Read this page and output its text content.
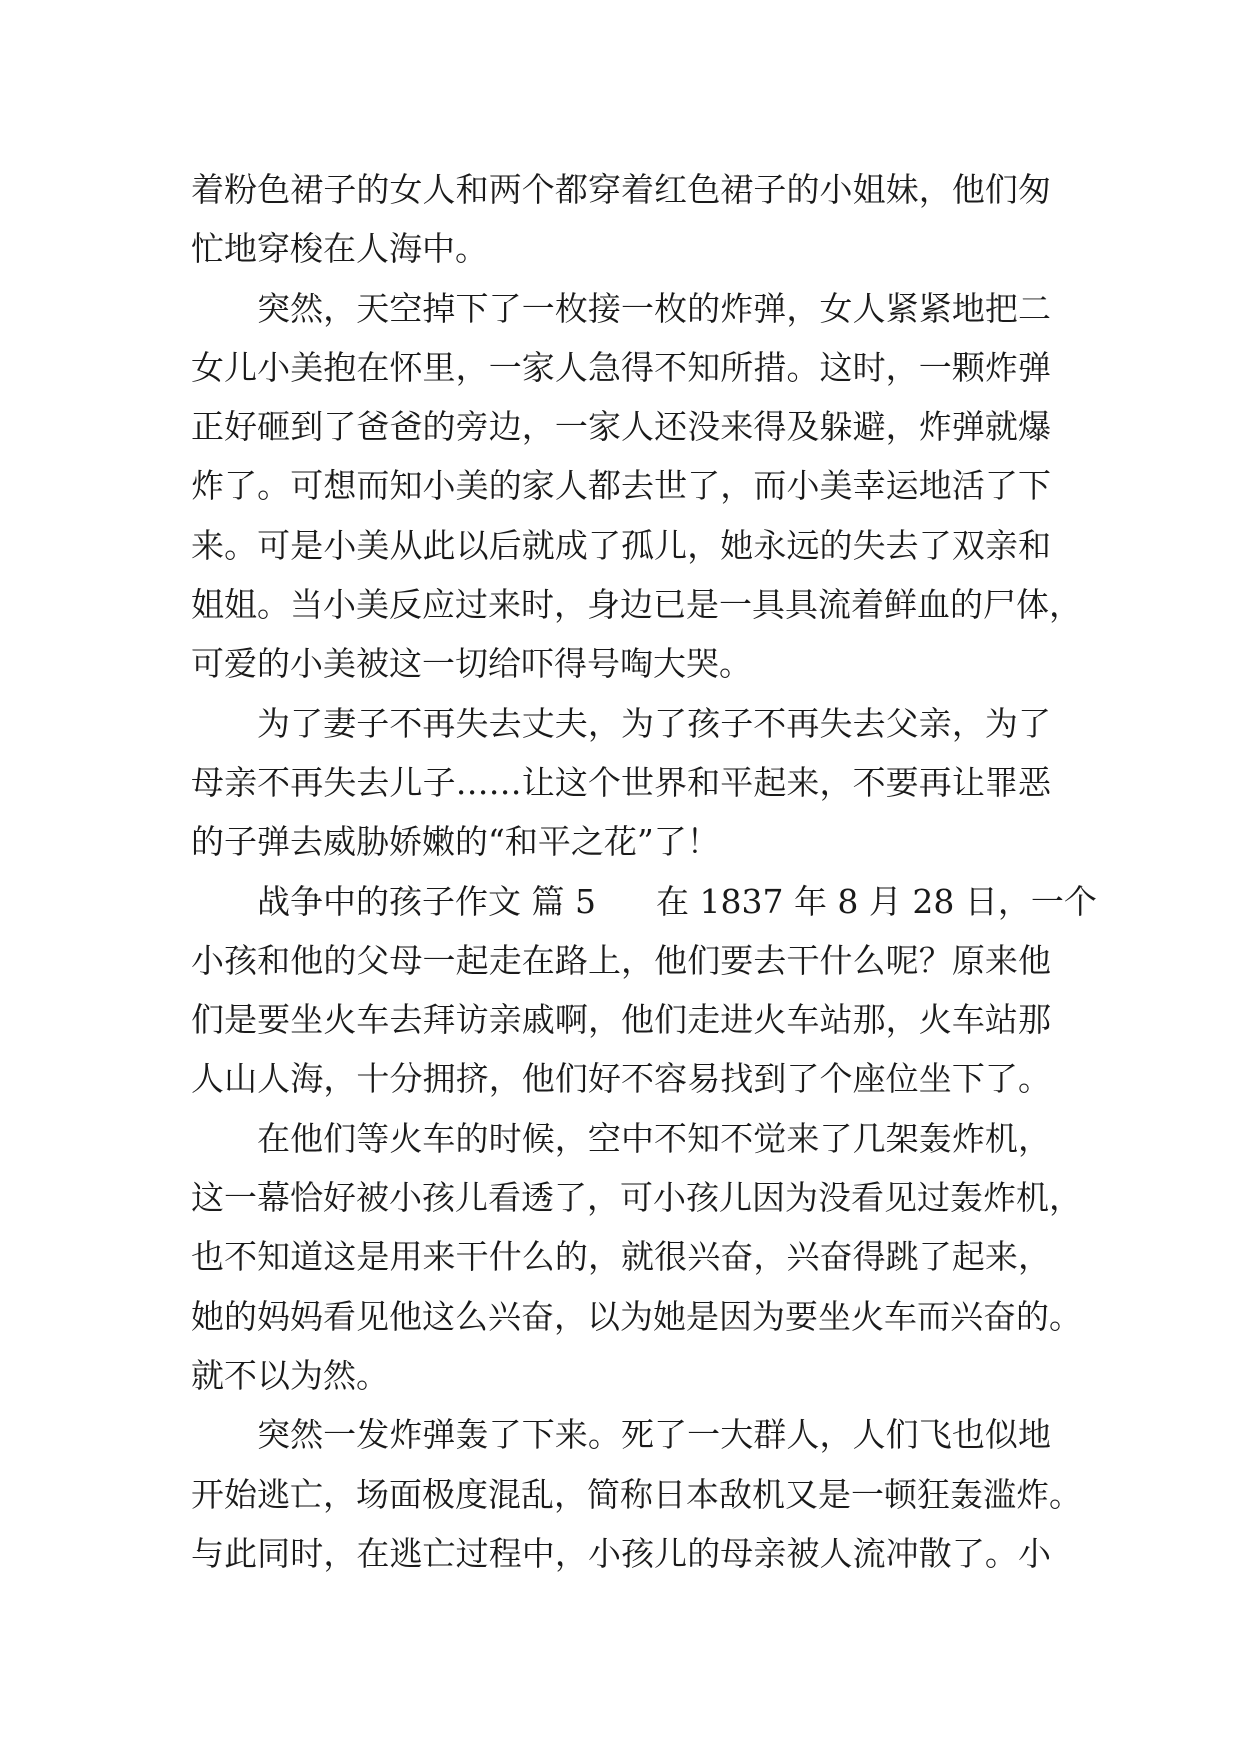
着粉色裙子的女人和两个都穿着红色裙子的小姐妹，他们匆
忙地穿梭在人海中。
突然，天空掉下了一枚接一枚的炸弹，女人紧紧地把二
女儿小美抱在怀里，一家人急得不知所措。这时，一颗炸弹
正好砸到了爸爸的旁边，一家人还没来得及躲避，炸弹就爆
炸了。可想而知小美的家人都去世了，而小美幸运地活了下
来。可是小美从此以后就成了孤儿，她永远的失去了双亲和
姐姐。当小美反应过来时，身边已是一具具流着鲜血的尸体，
可爱的小美被这一切给吓得号啕大哭。
为了妻子不再失去丈夫，为了孩子不再失去父亲，为了
母亲不再失去儿子……让这个世界和平起来，不要再让罪恶
的子弹去威胁娇嫩的“和平之花”了！
战争中的孩子作文 篇 5 在 1837 年 8 月 28 日，一个
小孩和他的父母一起走在路上，他们要去干什么呢？原来他
们是要坐火车去拜访亲戚啊，他们走进火车站那，火车站那
人山人海，十分拥挤，他们好不容易找到了个座位坐下了。
在他们等火车的时候，空中不知不觉来了几架轰炸机，
这一幕恰好被小孩儿看透了，可小孩儿因为没看见过轰炸机，
也不知道这是用来干什么的，就很兴奋，兴奋得跳了起来，
她的妈妈看见他这么兴奋，以为她是因为要坐火车而兴奋的。
就不以为然。
突然一发炸弹轰了下来。死了一大群人，人们飞也似地
开始逃亡，场面极度混乱，简称日本敌机又是一顿狂轰滥炸。
与此同时，在逃亡过程中，小孩儿的母亲被人流冲散了。小
